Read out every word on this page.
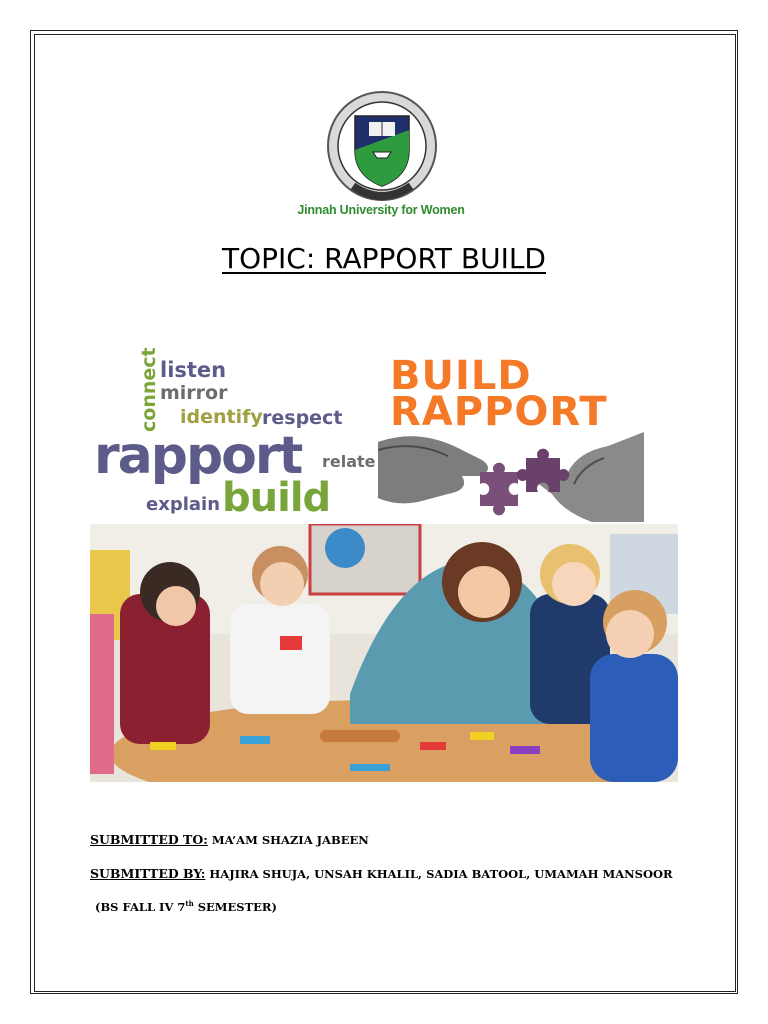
Jinnah University for Women
TOPIC: RAPPORT BUILD
connect listen
mirror
identify respect
rapport relate
explain build
BUILD
RAPPORT
SUBMITTED TO: MA’AM SHAZIA JABEEN
SUBMITTED BY: HAJIRA SHUJA, UNSAH KHALIL, SADIA BATOOL, UMAMAH MANSOOR
(BS FALL IV 7th SEMESTER)
